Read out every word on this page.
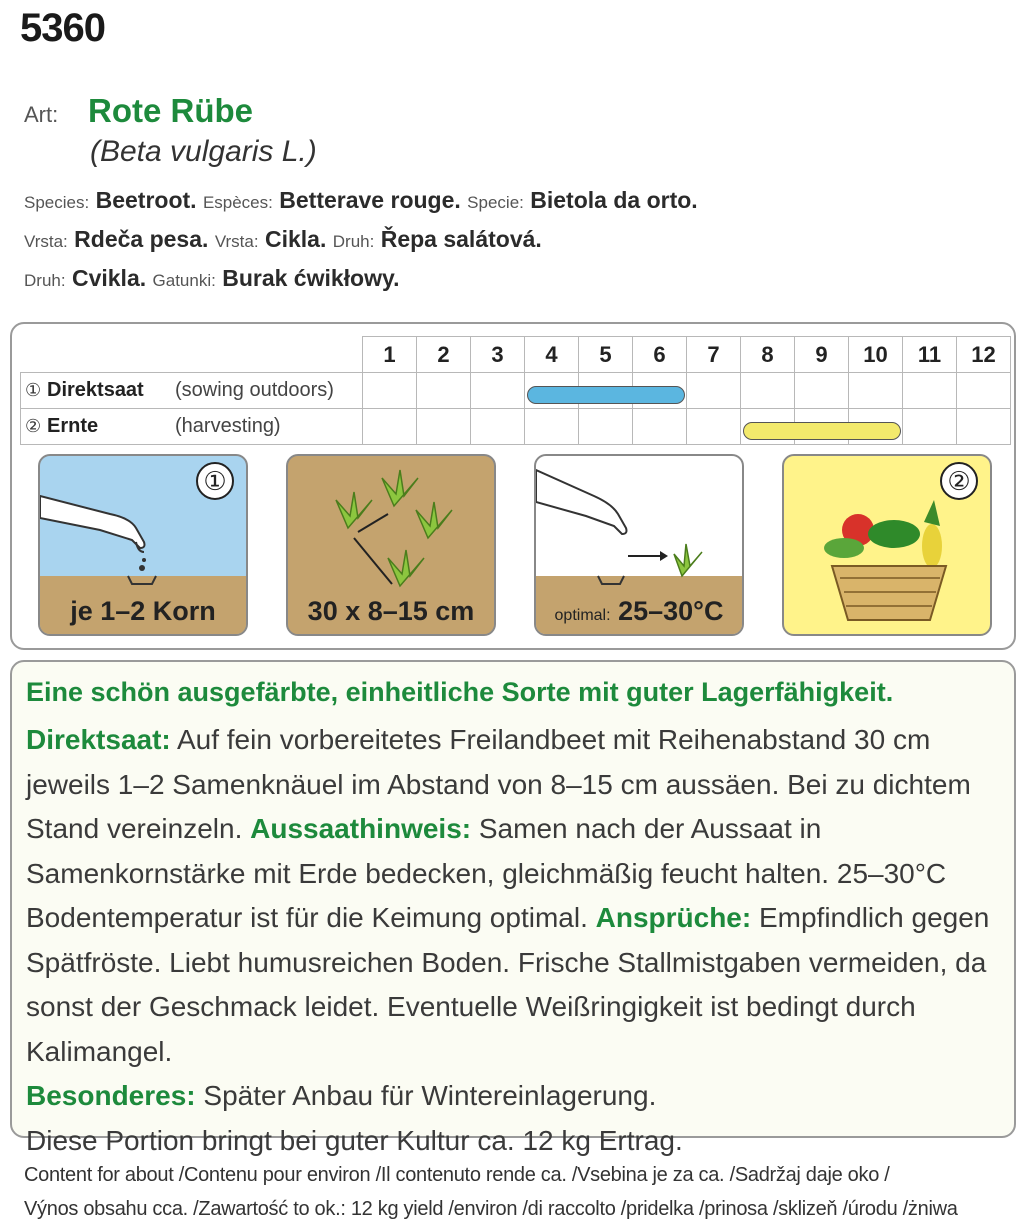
5360
Art: Rote Rübe
(Beta vulgaris L.)
Species: Beetroot. Espèces: Betterave rouge. Specie: Bietola da orto.
Vrsta: Rdeča pesa. Vrsta: Cikla. Druh: Řepa salátová.
Druh: Cvikla. Gatunki: Burak ćwikłowy.
	1	2	3	4	5	6	7	8	9	10	11	12
① Direktsaat (sowing outdoors)				

② Ernte (harvesting)								

①
je 1–2 Korn	30 x 8–15 cm	optimal: 25–30°C
②
Eine schön ausgefärbte, einheitliche Sorte mit guter Lagerfähigkeit.
Direktsaat: Auf fein vorbereitetes Freilandbeet mit Reihenabstand 30 cm jeweils 1–2 Samenknäuel im Abstand von 8–15 cm aussäen. Bei zu dichtem Stand vereinzeln. Aussaathinweis: Samen nach der Aussaat in Samenkornstärke mit Erde bedecken, gleichmäßig feucht halten. 25–30°C Bodentemperatur ist für die Keimung optimal. Ansprüche: Empfindlich gegen Spätfröste. Liebt humusreichen Boden. Frische Stallmistgaben vermeiden, da sonst der Geschmack leidet. Eventuelle Weißringigkeit ist bedingt durch Kalimangel.
Besonderes: Später Anbau für Wintereinlagerung.
Diese Portion bringt bei guter Kultur ca. 12 kg Ertrag.
Content for about /Contenu pour environ /Il contenuto rende ca. /Vsebina je za ca. /Sadržaj daje oko /
Výnos obsahu cca. /Zawartość to ok.: 12 kg yield /environ /di raccolto /pridelka /prinosa /sklizeň /úrodu /żniwa
